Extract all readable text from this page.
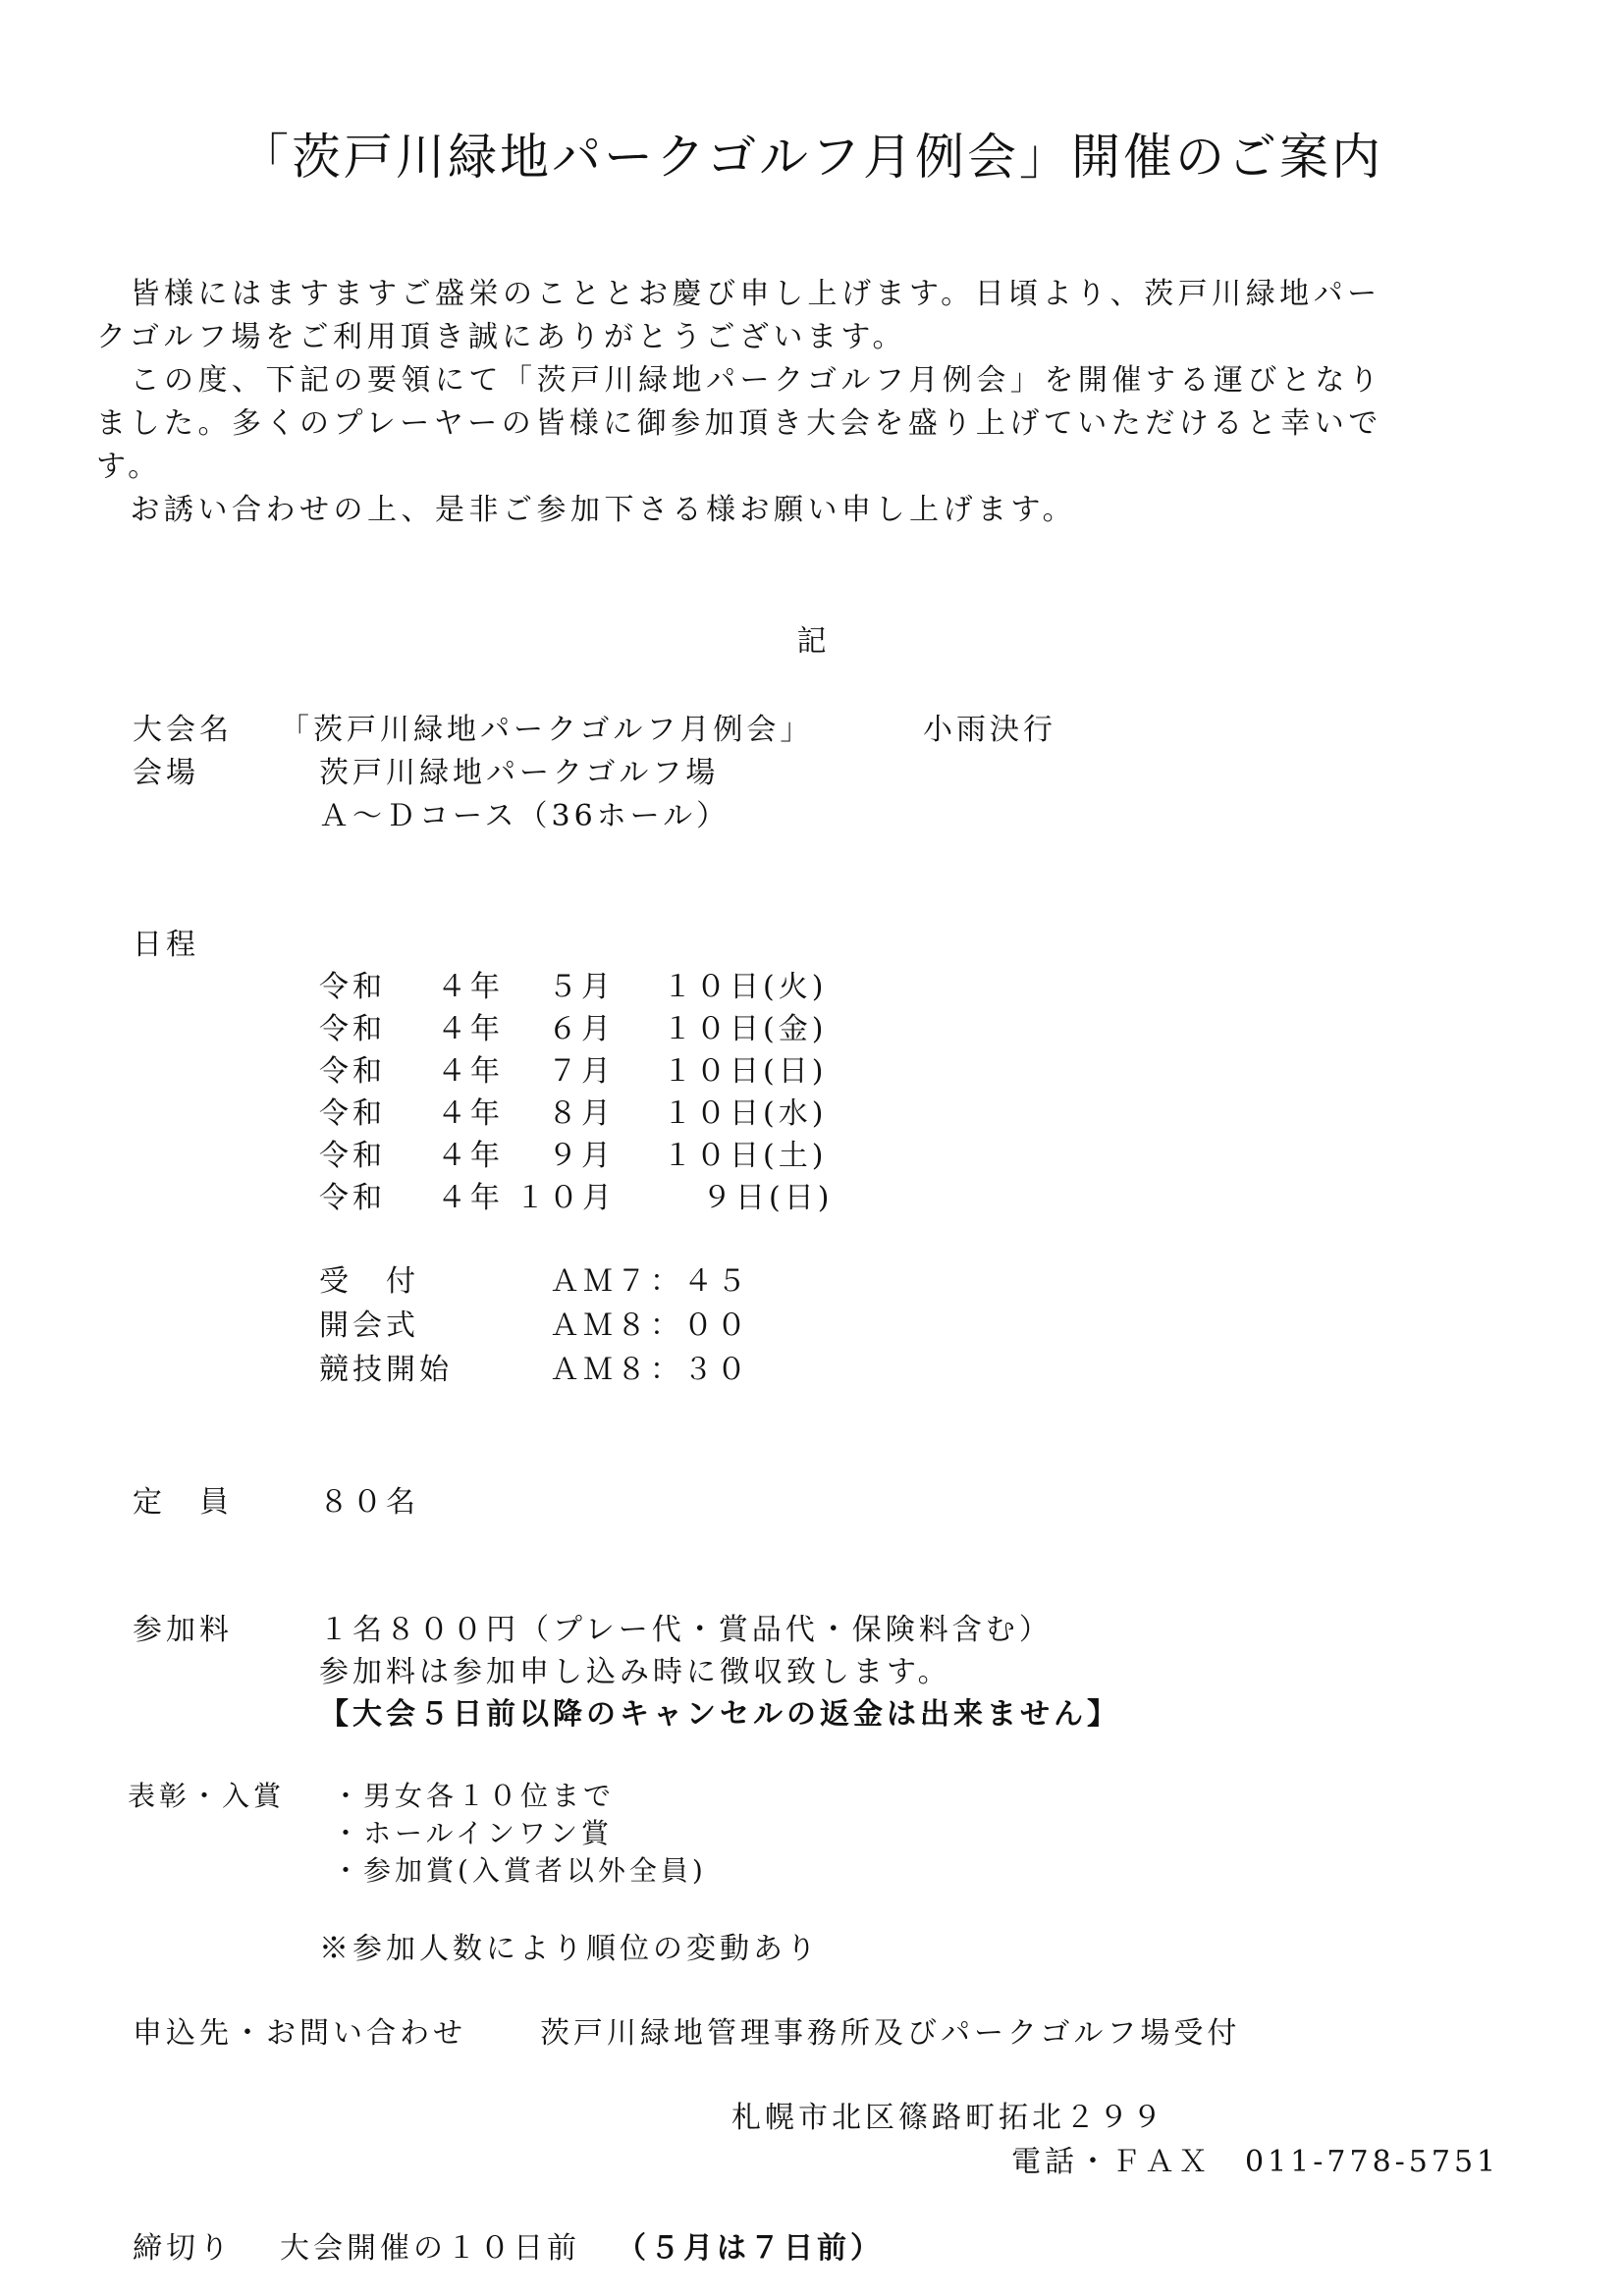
「茨戸川緑地パークゴルフ月例会」開催のご案内
　皆様にはますますご盛栄のこととお慶び申し上げます。日頃より、茨戸川緑地パー
クゴルフ場をご利用頂き誠にありがとうございます。
　この度、下記の要領にて「茨戸川緑地パークゴルフ月例会」を開催する運びとなり
ました。多くのプレーヤーの皆様に御参加頂き大会を盛り上げていただけると幸いで
す。
　お誘い合わせの上、是非ご参加下さる様お願い申し上げます。
記
大会名 「茨戸川緑地パークゴルフ月例会」	小雨決行
会場	茨戸川緑地パークゴルフ場
Ａ～Ｄコース（36ホール）
日程
令和 ４年 ５月 １０日(火)
令和 ４年 ６月 １０日(金)
令和 ４年 ７月 １０日(日)
令和 ４年 ８月 １０日(水)
令和 ４年 ９月 １０日(土)
令和 ４年 １０月	９日(日)
受　付	ＡＭ７：４５
開会式	ＡＭ８：００
競技開始	ＡＭ８：３０
定　員	８０名
参加料	１名８００円（プレー代・賞品代・保険料含む）
参加料は参加申し込み時に徴収致します。
【大会５日前以降のキャンセルの返金は出来ません】
表彰・入賞 ・男女各１０位まで
・ホールインワン賞
・参加賞(入賞者以外全員)
※参加人数により順位の変動あり
申込先・お問い合わせ	茨戸川緑地管理事務所及びパークゴルフ場受付
札幌市北区篠路町拓北２９９
電話・ＦＡＸ　011-778-5751
締切り 大会開催の１０日前 （５月は７日前）
